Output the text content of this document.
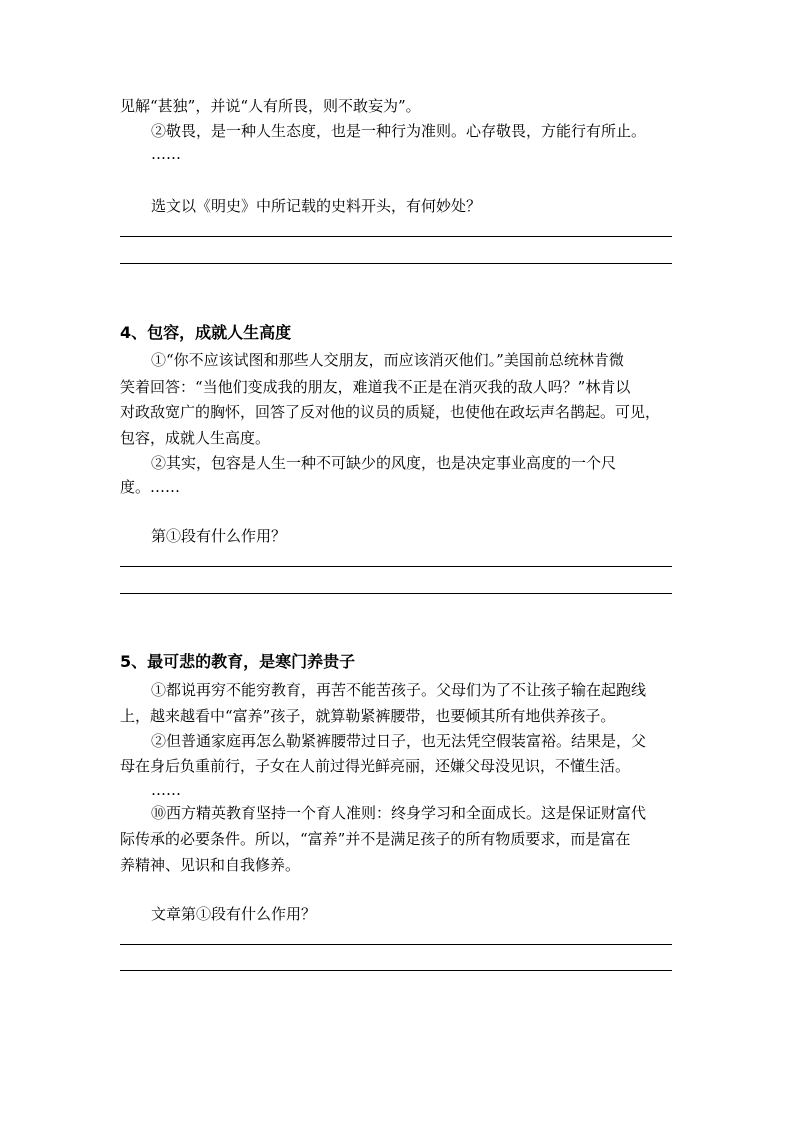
见解“甚独”，并说“人有所畏，则不敢妄为”。
②敬畏，是一种人生态度，也是一种行为准则。心存敬畏，方能行有所止。
……
选文以《明史》中所记载的史料开头，有何妙处？
4、包容，成就人生高度
①“你不应该试图和那些人交朋友，而应该消灭他们。”美国前总统林肯微
笑着回答：“当他们变成我的朋友，难道我不正是在消灭我的敌人吗？”林肯以
对政敌宽广的胸怀，回答了反对他的议员的质疑，也使他在政坛声名鹊起。可见，
包容，成就人生高度。
②其实，包容是人生一种不可缺少的风度，也是决定事业高度的一个尺
度。……
第①段有什么作用？
5、最可悲的教育，是寒门养贵子
①都说再穷不能穷教育，再苦不能苦孩子。父母们为了不让孩子输在起跑线
上，越来越看中“富养”孩子，就算勒紧裤腰带，也要倾其所有地供养孩子。
②但普通家庭再怎么勒紧裤腰带过日子，也无法凭空假装富裕。结果是，父
母在身后负重前行，子女在人前过得光鲜亮丽，还嫌父母没见识，不懂生活。
……
⑩西方精英教育坚持一个育人准则：终身学习和全面成长。这是保证财富代
际传承的必要条件。所以，“富养”并不是满足孩子的所有物质要求，而是富在
养精神、见识和自我修养。
文章第①段有什么作用？
